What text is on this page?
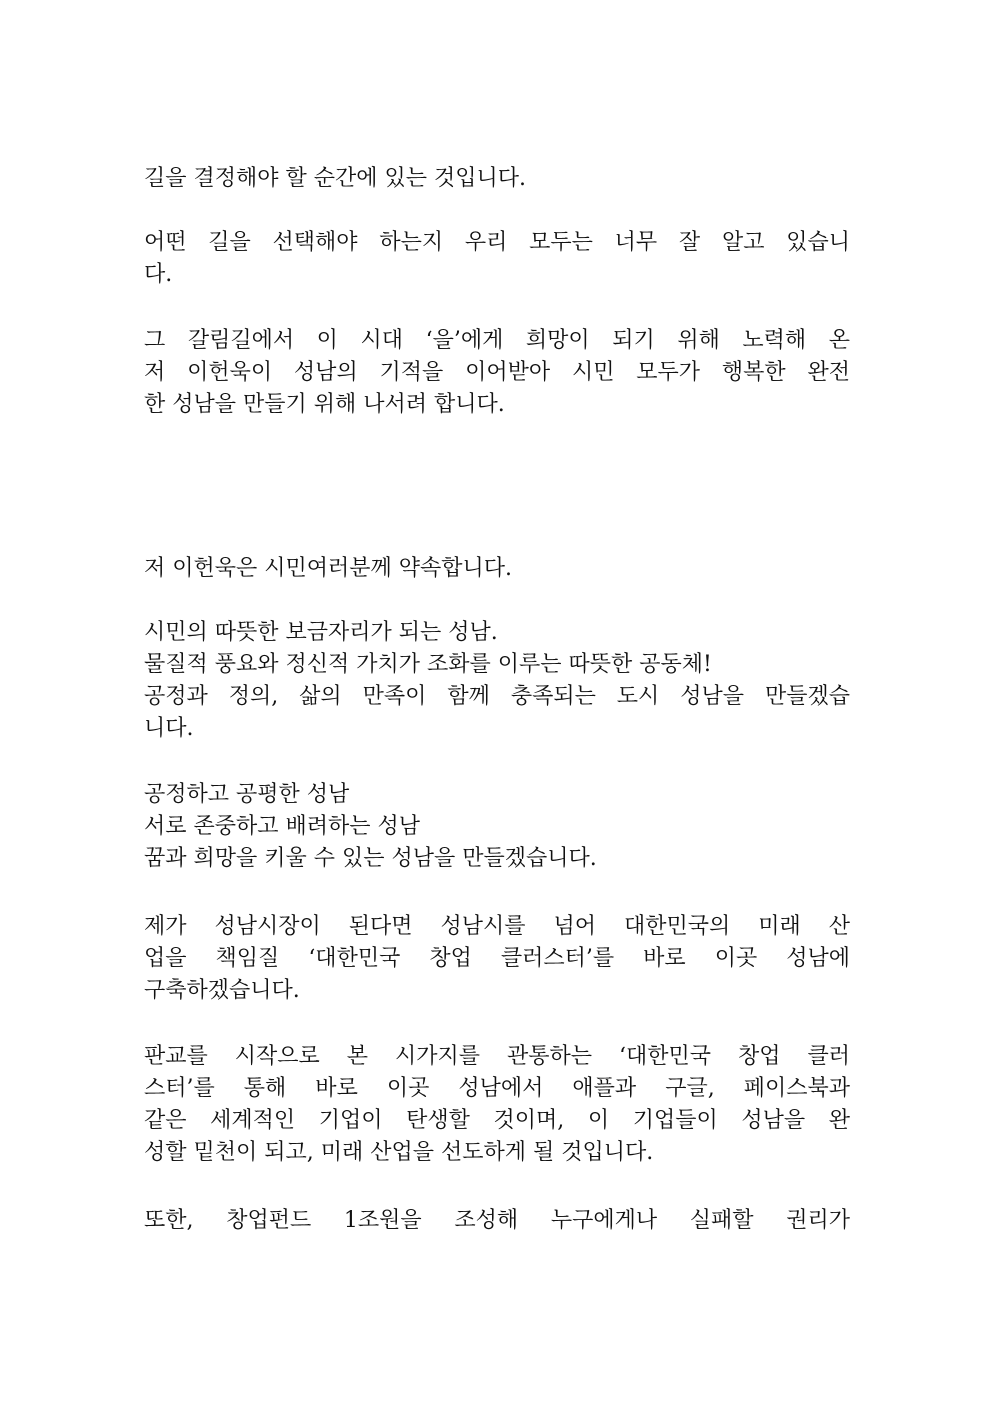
길을 결정해야 할 순간에 있는 것입니다.
어떤 길을 선택해야 하는지 우리 모두는 너무 잘 알고 있습니
다.
그 갈림길에서 이 시대 ‘을’에게 희망이 되기 위해 노력해 온
저 이헌욱이 성남의 기적을 이어받아 시민 모두가 행복한 완전
한 성남을 만들기 위해 나서려 합니다.
저 이헌욱은 시민여러분께 약속합니다.
시민의 따뜻한 보금자리가 되는 성남.
물질적 풍요와 정신적 가치가 조화를 이루는 따뜻한 공동체!
공정과 정의, 삶의 만족이 함께 충족되는 도시 성남을 만들겠습
니다.
공정하고 공평한 성남
서로 존중하고 배려하는 성남
꿈과 희망을 키울 수 있는 성남을 만들겠습니다.
제가 성남시장이 된다면 성남시를 넘어 대한민국의 미래 산
업을 책임질 ‘대한민국 창업 클러스터’를 바로 이곳 성남에
구축하겠습니다.
판교를 시작으로 본 시가지를 관통하는 ‘대한민국 창업 클러
스터’를 통해 바로 이곳 성남에서 애플과 구글, 페이스북과
같은 세계적인 기업이 탄생할 것이며, 이 기업들이 성남을 완
성할 밑천이 되고, 미래 산업을 선도하게 될 것입니다.
또한, 창업펀드 1조원을 조성해 누구에게나 실패할 권리가
